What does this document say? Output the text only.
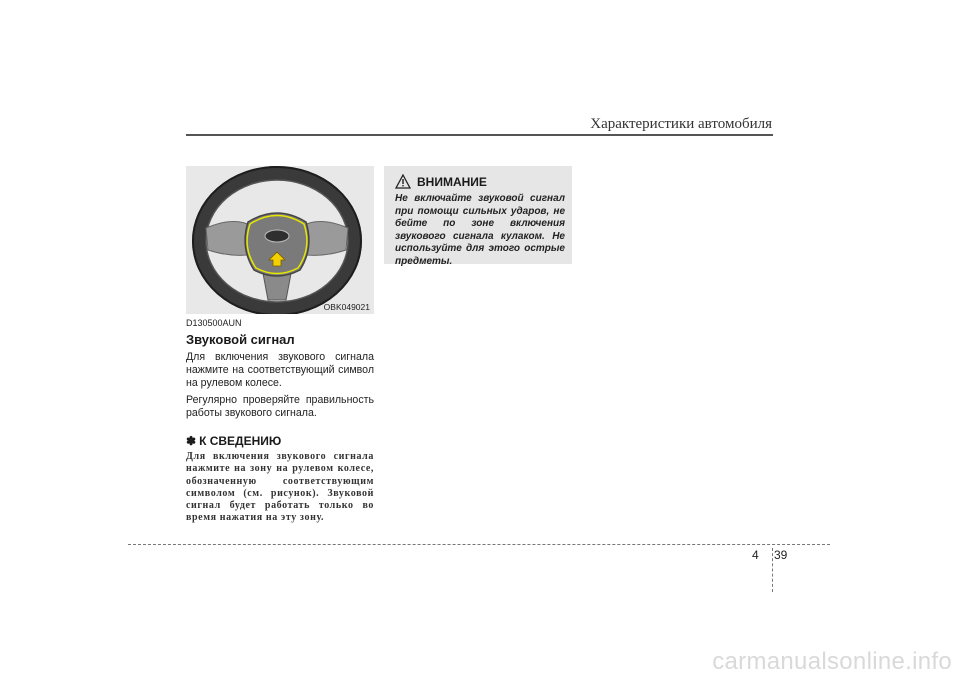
Характеристики автомобиля
OBK049021

D130500AUN

Звуковой сигнал

Для включения звукового сигнала нажмите на соответствующий символ на рулевом колесе.

Регулярно проверяйте правильность работы звукового сигнала.

✽ К СВЕДЕНИЮ

Для включения звукового сигнала нажмите на зону на рулевом колесе, обозначенную соответствующим символом (см. рисунок). Звуковой сигнал будет работать только во время нажатия на эту зону.

ВНИМАНИЕ

Не включайте звуковой сигнал при помощи сильных ударов, не бейте по зоне включения звукового сигнала кулаком. Не используйте для этого острые предметы.

4	39
carmanualsonline.info
